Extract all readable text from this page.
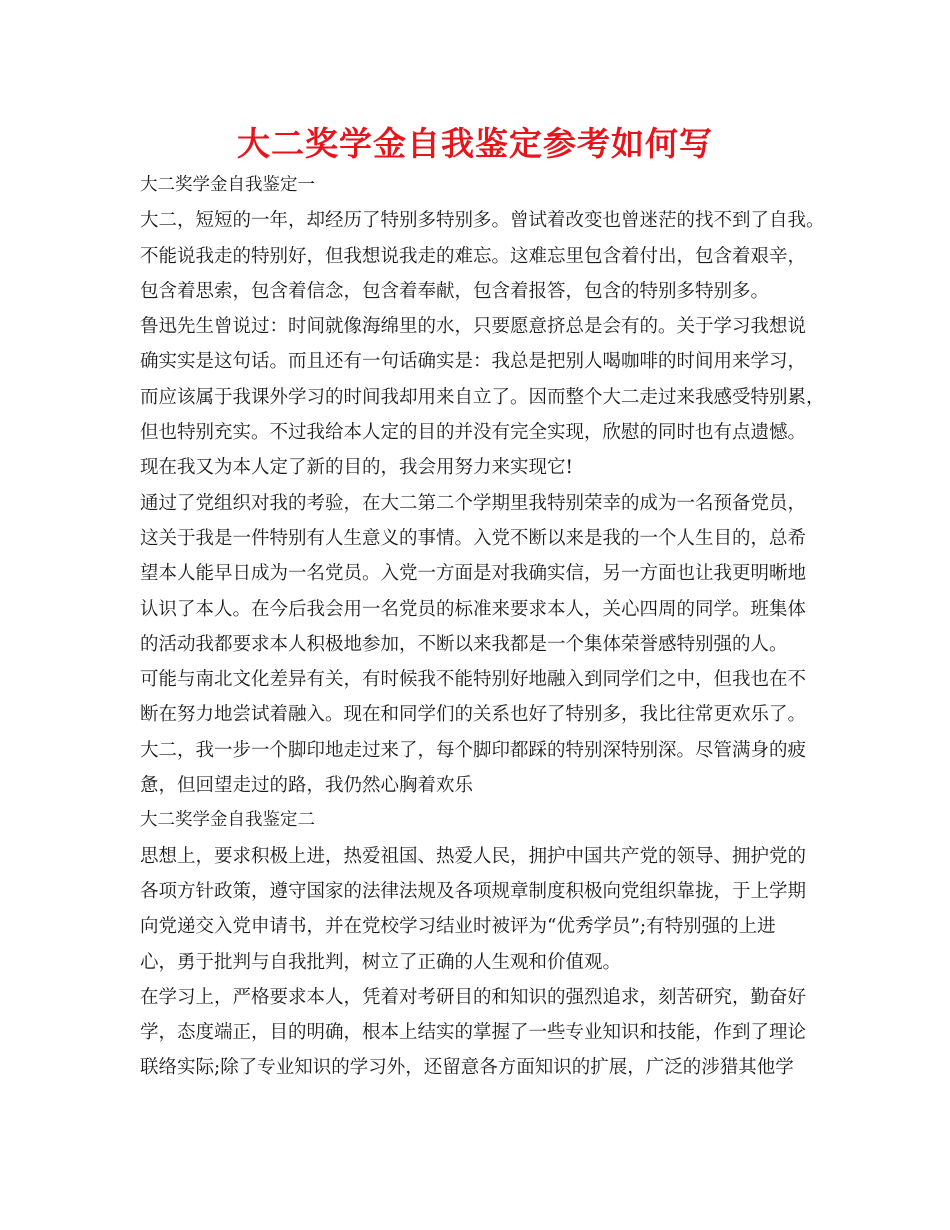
大二奖学金自我鉴定参考如何写
大二奖学金自我鉴定一
大二，短短的一年，却经历了特别多特别多。曾试着改变也曾迷茫的找不到了自我。
不能说我走的特别好，但我想说我走的难忘。这难忘里包含着付出，包含着艰辛，
包含着思索，包含着信念，包含着奉献，包含着报答，包含的特别多特别多。
鲁迅先生曾说过：时间就像海绵里的水，只要愿意挤总是会有的。关于学习我想说
确实实是这句话。而且还有一句话确实是：我总是把别人喝咖啡的时间用来学习，
而应该属于我课外学习的时间我却用来自立了。因而整个大二走过来我感受特别累，
但也特别充实。不过我给本人定的目的并没有完全实现，欣慰的同时也有点遗憾。
现在我又为本人定了新的目的，我会用努力来实现它!
通过了党组织对我的考验，在大二第二个学期里我特别荣幸的成为一名预备党员，
这关于我是一件特别有人生意义的事情。入党不断以来是我的一个人生目的，总希
望本人能早日成为一名党员。入党一方面是对我确实信，另一方面也让我更明晰地
认识了本人。在今后我会用一名党员的标准来要求本人，关心四周的同学。班集体
的活动我都要求本人积极地参加，不断以来我都是一个集体荣誉感特别强的人。
可能与南北文化差异有关，有时候我不能特别好地融入到同学们之中，但我也在不
断在努力地尝试着融入。现在和同学们的关系也好了特别多，我比往常更欢乐了。
大二，我一步一个脚印地走过来了，每个脚印都踩的特别深特别深。尽管满身的疲
惫，但回望走过的路，我仍然心胸着欢乐
大二奖学金自我鉴定二
思想上，要求积极上进，热爱祖国、热爱人民，拥护中国共产党的领导、拥护党的
各项方针政策，遵守国家的法律法规及各项规章制度积极向党组织靠拢，于上学期
向党递交入党申请书，并在党校学习结业时被评为“优秀学员”;有特别强的上进
心，勇于批判与自我批判，树立了正确的人生观和价值观。
在学习上，严格要求本人，凭着对考研目的和知识的强烈追求，刻苦研究，勤奋好
学，态度端正，目的明确，根本上结实的掌握了一些专业知识和技能，作到了理论
联络实际;除了专业知识的学习外，还留意各方面知识的扩展，广泛的涉猎其他学
